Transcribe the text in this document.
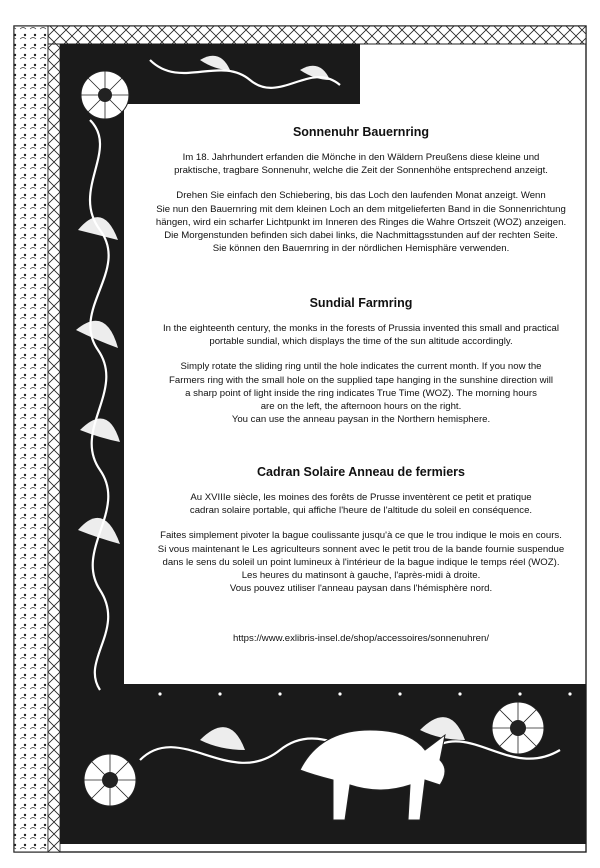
Sonnenuhr Bauernring
Im 18. Jahrhundert erfanden die Mönche in den Wäldern Preußens diese kleine und
praktische, tragbare Sonnenuhr, welche die Zeit der Sonnenhöhe entsprechend anzeigt.
Drehen Sie einfach den Schiebering, bis das Loch den laufenden Monat anzeigt. Wenn
Sie nun den Bauernring mit dem kleinen Loch an dem mitgelieferten Band in die Sonnenrichtung
hängen, wird ein scharfer Lichtpunkt im Inneren des Ringes die Wahre Ortszeit (WOZ) anzeigen.
Die Morgenstunden befinden sich dabei links, die Nachmittagsstunden auf der rechten Seite.
Sie können den Bauernring in der nördlichen Hemisphäre verwenden.
Sundial Farmring
In the eighteenth century, the monks in the forests of Prussia invented this small and practical
portable sundial, which displays the time of the sun altitude accordingly.
Simply rotate the sliding ring until the hole indicates the current month. If you now the
Farmers ring with the small hole on the supplied tape hanging in the sunshine direction will
a sharp point of light inside the ring indicates True Time (WOZ). The morning hours
are on the left, the afternoon hours on the right.
You can use the anneau paysan in the Northern hemisphere.
Cadran Solaire Anneau de fermiers
Au XVIIIe siècle, les moines des forêts de Prusse inventèrent ce petit et pratique
cadran solaire portable, qui affiche l'heure de l'altitude du soleil en conséquence.
Faites simplement pivoter la bague coulissante jusqu'à ce que le trou indique le mois en cours.
Si vous maintenant le Les agriculteurs sonnent avec le petit trou de la bande fournie suspendue
dans le sens du soleil un point lumineux à l'intérieur de la bague indique le temps réel (WOZ).
Les heures du matinsont à gauche, l'après-midi à droite.
Vous pouvez utiliser l'anneau paysan dans l'hémisphère nord.
https://www.exlibris-insel.de/shop/accessoires/sonnenuhren/
